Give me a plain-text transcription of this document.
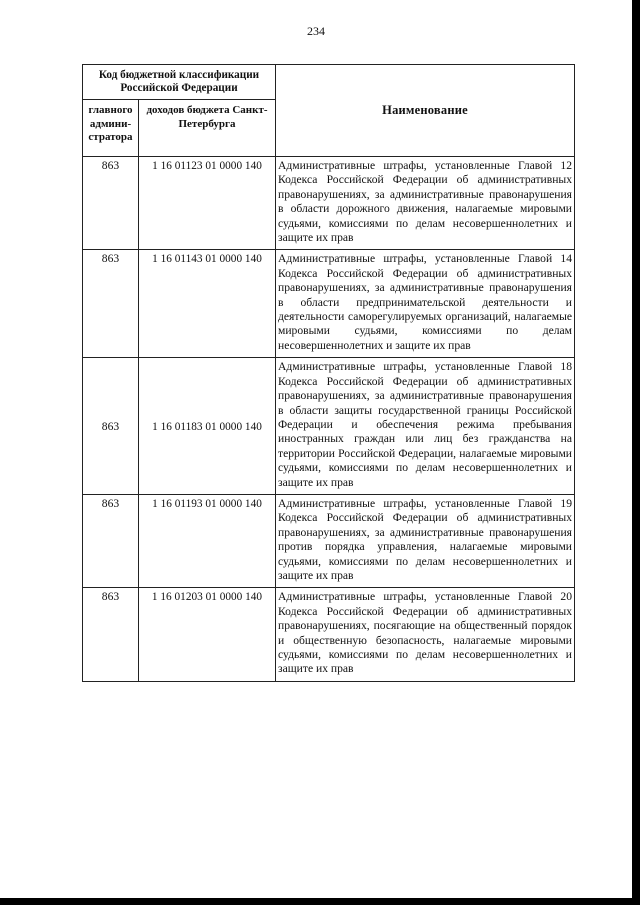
234
Код бюджетной классификации Российской Федерации		Наименование
главного админи-стратора	доходов бюджета Санкт-Петербурга	
863	1 16 01123 01 0000 140	Административные штрафы, установленные Главой 12 Кодекса Российской Федерации об административных правонарушениях, за административные правонарушения в области дорожного движения, налагаемые мировыми судьями, комиссиями по делам несовершеннолетних и защите их прав
863	1 16 01143 01 0000 140	Административные штрафы, установленные Главой 14 Кодекса Российской Федерации об административных правонарушениях, за административные правонарушения в области предпринимательской деятельности и деятельности саморегулируемых организаций, налагаемые мировыми судьями, комиссиями по делам несовершеннолетних и защите их прав
863	1 16 01183 01 0000 140	Административные штрафы, установленные Главой 18 Кодекса Российской Федерации об административных правонарушениях, за административные правонарушения в области защиты государственной границы Российской Федерации и обеспечения режима пребывания иностранных граждан или лиц без гражданства на территории Российской Федерации, налагаемые мировыми судьями, комиссиями по делам несовершеннолетних и защите их прав
863	1 16 01193 01 0000 140	Административные штрафы, установленные Главой 19 Кодекса Российской Федерации об административных правонарушениях, за административные правонарушения против порядка управления, налагаемые мировыми судьями, комиссиями по делам несовершеннолетних и защите их прав
863	1 16 01203 01 0000 140	Административные штрафы, установленные Главой 20 Кодекса Российской Федерации об административных правонарушениях, посягающие на общественный порядок и общественную безопасность, налагаемые мировыми судьями, комиссиями по делам несовершеннолетних и защите их прав
